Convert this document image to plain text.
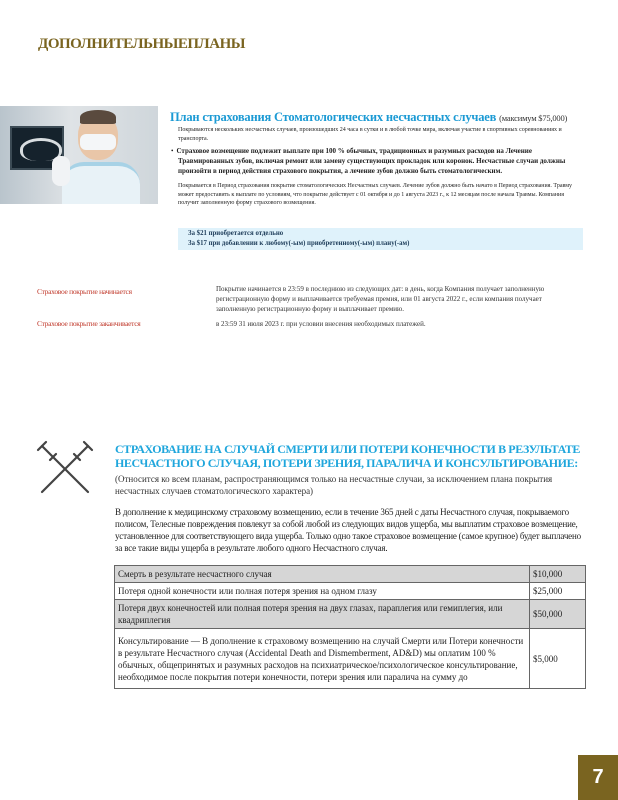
ДОПОЛНИТЕЛЬНЫЕПЛАНЫ
План страхования Стоматологических несчастных случаев (максимум $75,000)
Покрываются нескольких несчастных случаев, произошедших 24 часа в сутки и в любой точке мира, включая участие в спортивных соревнованиях и транспорта.
• Страховое возмещение подлежит выплате при 100 % обычных, традиционных и разумных расходов на Лечение Травмированных зубов, включая ремонт или замену существующих прокладок или коронок. Несчастные случаи должны произойти в период действия страхового покрытия, а лечение зубов должно быть стоматологическим.
Покрывается в Период страхования покрытие стоматологических Несчастных случаев. Лечение зубов должно быть начато в Период страхования. Травму может предоставить к выплате по условиям, что покрытие действует с 01 октября и до 1 августа 2023 г., к 12 месяцам после начала Травмы. Компания получит заполненную форму страхового возмещения.
За $21 приобретается отдельно
За $17 при добавлении к любому(-ым) приобретенному(-ым) плану(-ам)
Страховое покрытие начинается	Покрытие начинается в 23:59 в последнюю из следующих дат: в день, когда Компания получает заполненную регистрационную форму и выплачивается требуемая премия, или 01 августа 2022 г., если компания получает заполненную регистрационную форму и выплачивает премию.
Страховое покрытие заканчивается	в 23:59 31 июля 2023 г. при условии внесения необходимых платежей.
СТРАХОВАНИЕ НА СЛУЧАЙ СМЕРТИ ИЛИ ПОТЕРИ КОНЕЧНОСТИ В РЕЗУЛЬТАТЕ НЕСЧАСТНОГО СЛУЧАЯ, ПОТЕРИ ЗРЕНИЯ, ПАРАЛИЧА И КОНСУЛЬТИРОВАНИЕ:
(Относится ко всем планам, распространяющимся только на несчастные случаи, за исключением плана покрытия несчастных случаев стоматологического характера)
В дополнение к медицинскому страховому возмещению, если в течение 365 дней с даты Несчастного случая, покрываемого полисом, Телесные повреждения повлекут за собой любой из следующих видов ущерба, мы выплатим страховое возмещение, установленное для соответствующего вида ущерба. Только одно такое страховое возмещение (самое крупное) будет выплачено за все такие виды ущерба в результате любого одного Несчастного случая.
Смерть в результате несчастного случая	$10,000
Потеря одной конечности или полная потеря зрения на одном глазу	$25,000
Потеря двух конечностей или полная потеря зрения на двух глазах, параплегия или гемиплегия, или квадриплегия	$50,000
Консультирование — В дополнение к страховому возмещению на случай Смерти или Потери конечности в результате Несчастного случая (Accidental Death and Dismemberment, AD&D) мы оплатим 100 % обычных, общепринятых и разумных расходов на психиатрическое/психологическое консультирование, необходимое после покрытия потери конечности, потери зрения или паралича на сумму до	$5,000
7
